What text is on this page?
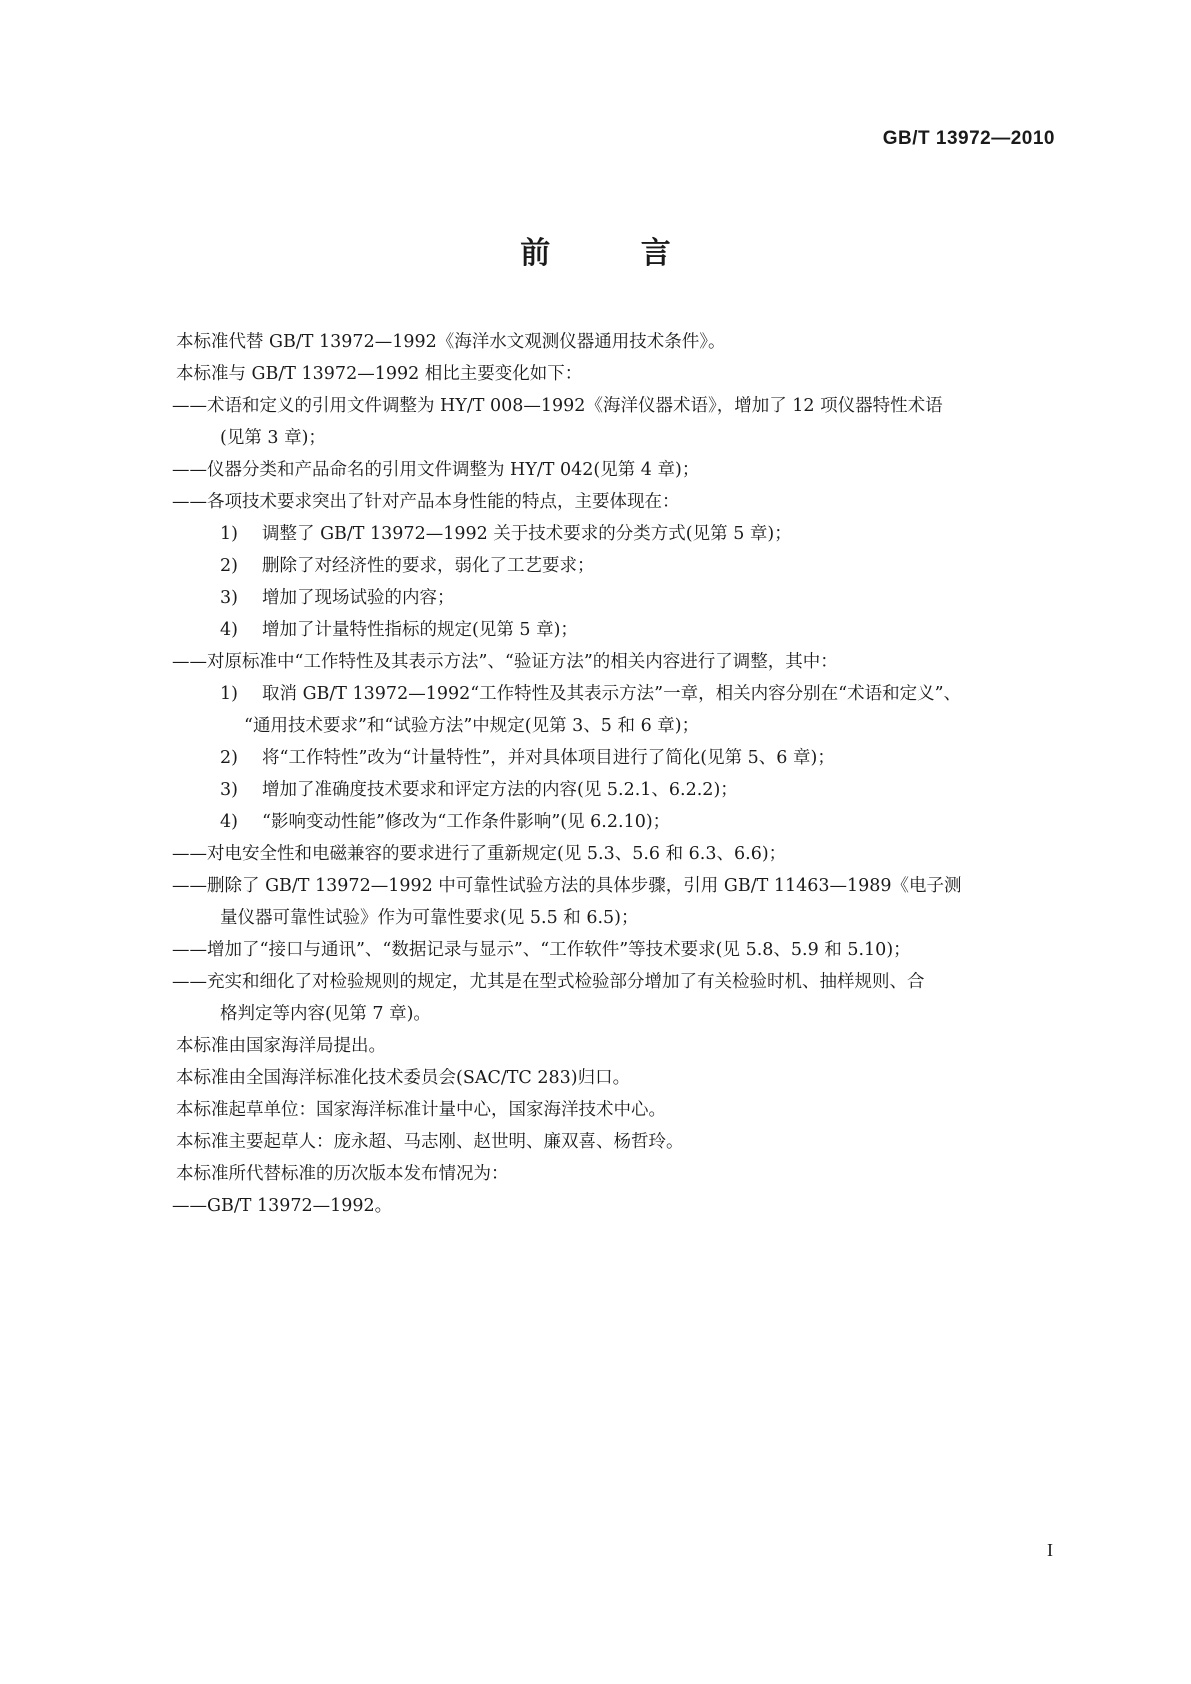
GB/T 13972—2010
前 言
本标准代替 GB/T 13972—1992《海洋水文观测仪器通用技术条件》。
本标准与 GB/T 13972—1992 相比主要变化如下：
——术语和定义的引用文件调整为 HY/T 008—1992《海洋仪器术语》，增加了 12 项仪器特性术语
(见第 3 章)；
——仪器分类和产品命名的引用文件调整为 HY/T 042(见第 4 章)；
——各项技术要求突出了针对产品本身性能的特点，主要体现在：
1) 调整了 GB/T 13972—1992 关于技术要求的分类方式(见第 5 章)；
2) 删除了对经济性的要求，弱化了工艺要求；
3) 增加了现场试验的内容；
4) 增加了计量特性指标的规定(见第 5 章)；
——对原标准中“工作特性及其表示方法”、“验证方法”的相关内容进行了调整，其中：
1) 取消 GB/T 13972—1992“工作特性及其表示方法”一章，相关内容分别在“术语和定义”、
“通用技术要求”和“试验方法”中规定(见第 3、5 和 6 章)；
2) 将“工作特性”改为“计量特性”，并对具体项目进行了简化(见第 5、6 章)；
3) 增加了准确度技术要求和评定方法的内容(见 5.2.1、6.2.2)；
4) “影响变动性能”修改为“工作条件影响”(见 6.2.10)；
——对电安全性和电磁兼容的要求进行了重新规定(见 5.3、5.6 和 6.3、6.6)；
——删除了 GB/T 13972—1992 中可靠性试验方法的具体步骤，引用 GB/T 11463—1989《电子测
量仪器可靠性试验》作为可靠性要求(见 5.5 和 6.5)；
——增加了“接口与通讯”、“数据记录与显示”、“工作软件”等技术要求(见 5.8、5.9 和 5.10)；
——充实和细化了对检验规则的规定，尤其是在型式检验部分增加了有关检验时机、抽样规则、合
格判定等内容(见第 7 章)。
本标准由国家海洋局提出。
本标准由全国海洋标准化技术委员会(SAC/TC 283)归口。
本标准起草单位：国家海洋标准计量中心，国家海洋技术中心。
本标准主要起草人：庞永超、马志刚、赵世明、廉双喜、杨哲玲。
本标准所代替标准的历次版本发布情况为：
——GB/T 13972—1992。
I
